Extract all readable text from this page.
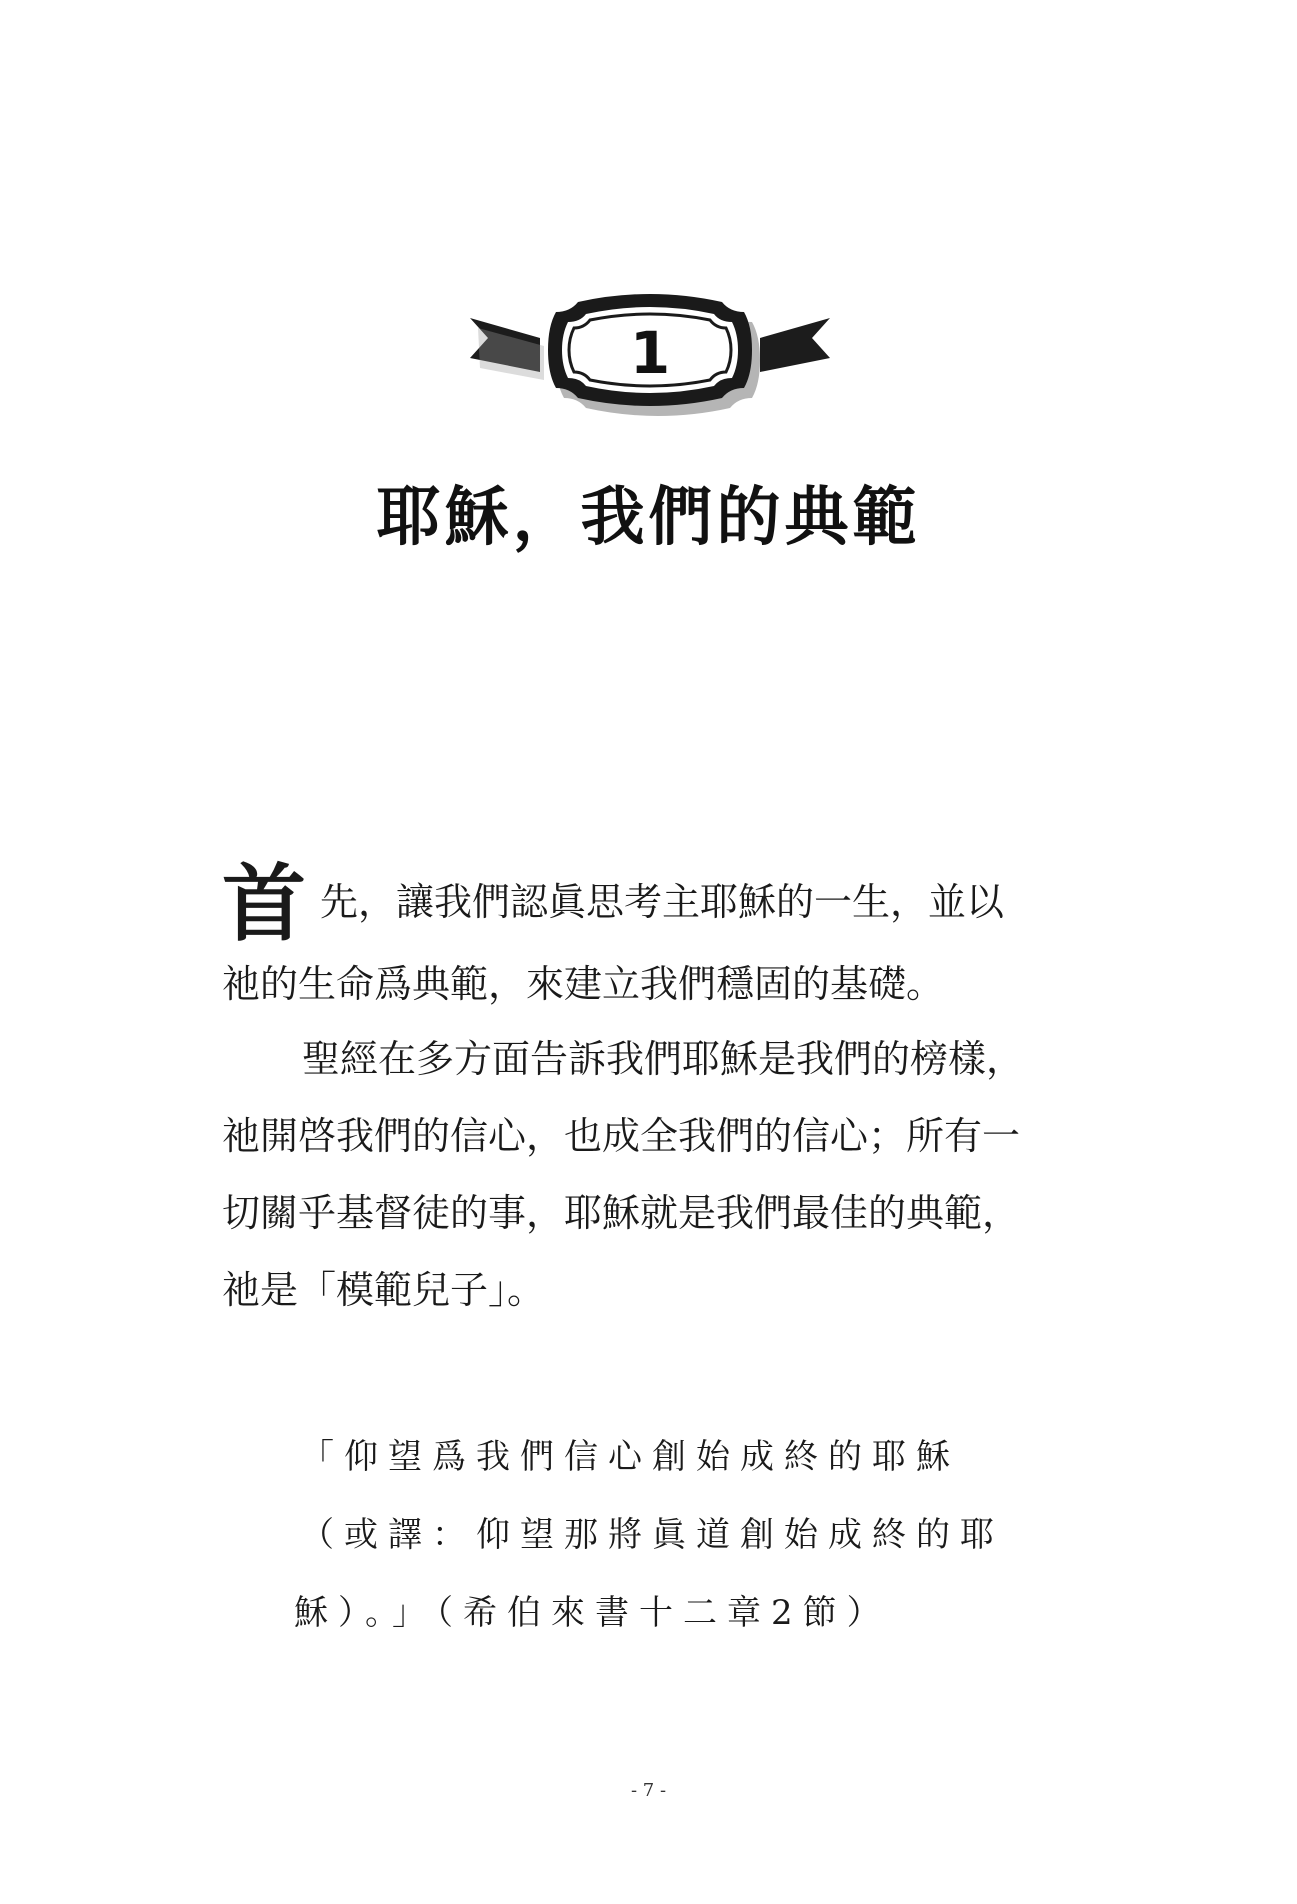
1
耶穌，我們的典範
首 先，讓我們認眞思考主耶穌的一生，並以
祂的生命爲典範，來建立我們穩固的基礎。
聖經在多方面告訴我們耶穌是我們的榜樣，
祂開啓我們的信心，也成全我們的信心；所有一
切關乎基督徒的事，耶穌就是我們最佳的典範，
祂是「模範兒子」。
「仰望爲我們信心創始成終的耶穌
（或譯：仰望那將眞道創始成終的耶
穌）。」（希伯來書十二章2節）
- 7 -
